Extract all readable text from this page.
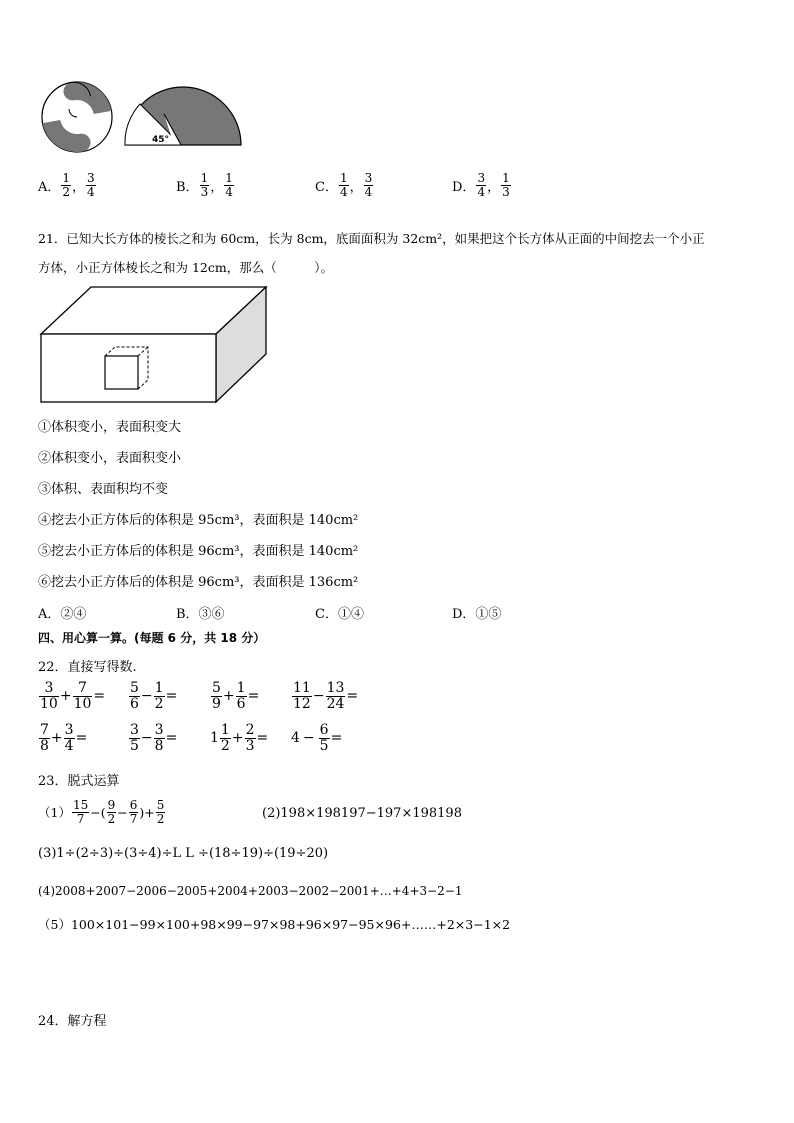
45°
A． $\frac{1}{2}$ ， $\frac{3}{4}$	B． $\frac{1}{3}$ ， $\frac{1}{4}$	C． $\frac{1}{4}$ ， $\frac{3}{4}$	D． $\frac{3}{4}$ ， $\frac{1}{3}$
21．已知大长方体的棱长之和为 60cm，长为 8cm，底面面积为 32cm²，如果把这个长方体从正面的中间挖去一个小正
方体，小正方体棱长之和为 12cm，那么（　　　）。
①体积变小，表面积变大
②体积变小，表面积变小
③体积、表面积均不变
④挖去小正方体后的体积是 95cm³，表面积是 140cm²
⑤挖去小正方体后的体积是 96cm³，表面积是 140cm²
⑥挖去小正方体后的体积是 96cm³，表面积是 136cm²
A．②④	B．③⑥	C．①④	D．①⑤
四、用心算一算。(每题 6 分，共 18 分）
22．直接写得数.
$\frac{3}{10} + \frac{7}{10} = \frac{5}{6} - \frac{1}{2} = \frac{5}{9} + \frac{1}{6} = \frac{11}{12} - \frac{13}{24}$ =
$\frac{7}{8} + \frac{3}{4}$ =	$\frac{3}{5} - \frac{3}{8} = 1 \frac{1}{2} + \frac{2}{3} = 4 - \frac{6}{5}$ =
23．脱式运算
$(1) \frac{15}{7}$ −( $\frac{9}{2} - \frac{6}{7}$ )+ $\frac{5}{2}$	(2)198×198197−197×198198
(3)1÷(2÷3)÷(3÷4)÷L L ÷(18÷19)÷(19÷20)
(4)2008+2007−2006−2005+2004+2003−2002−2001+…+4+3−2−1
（5）100×101−99×100+98×99−97×98+96×97−95×96+……+2×3−1×2
24．解方程
